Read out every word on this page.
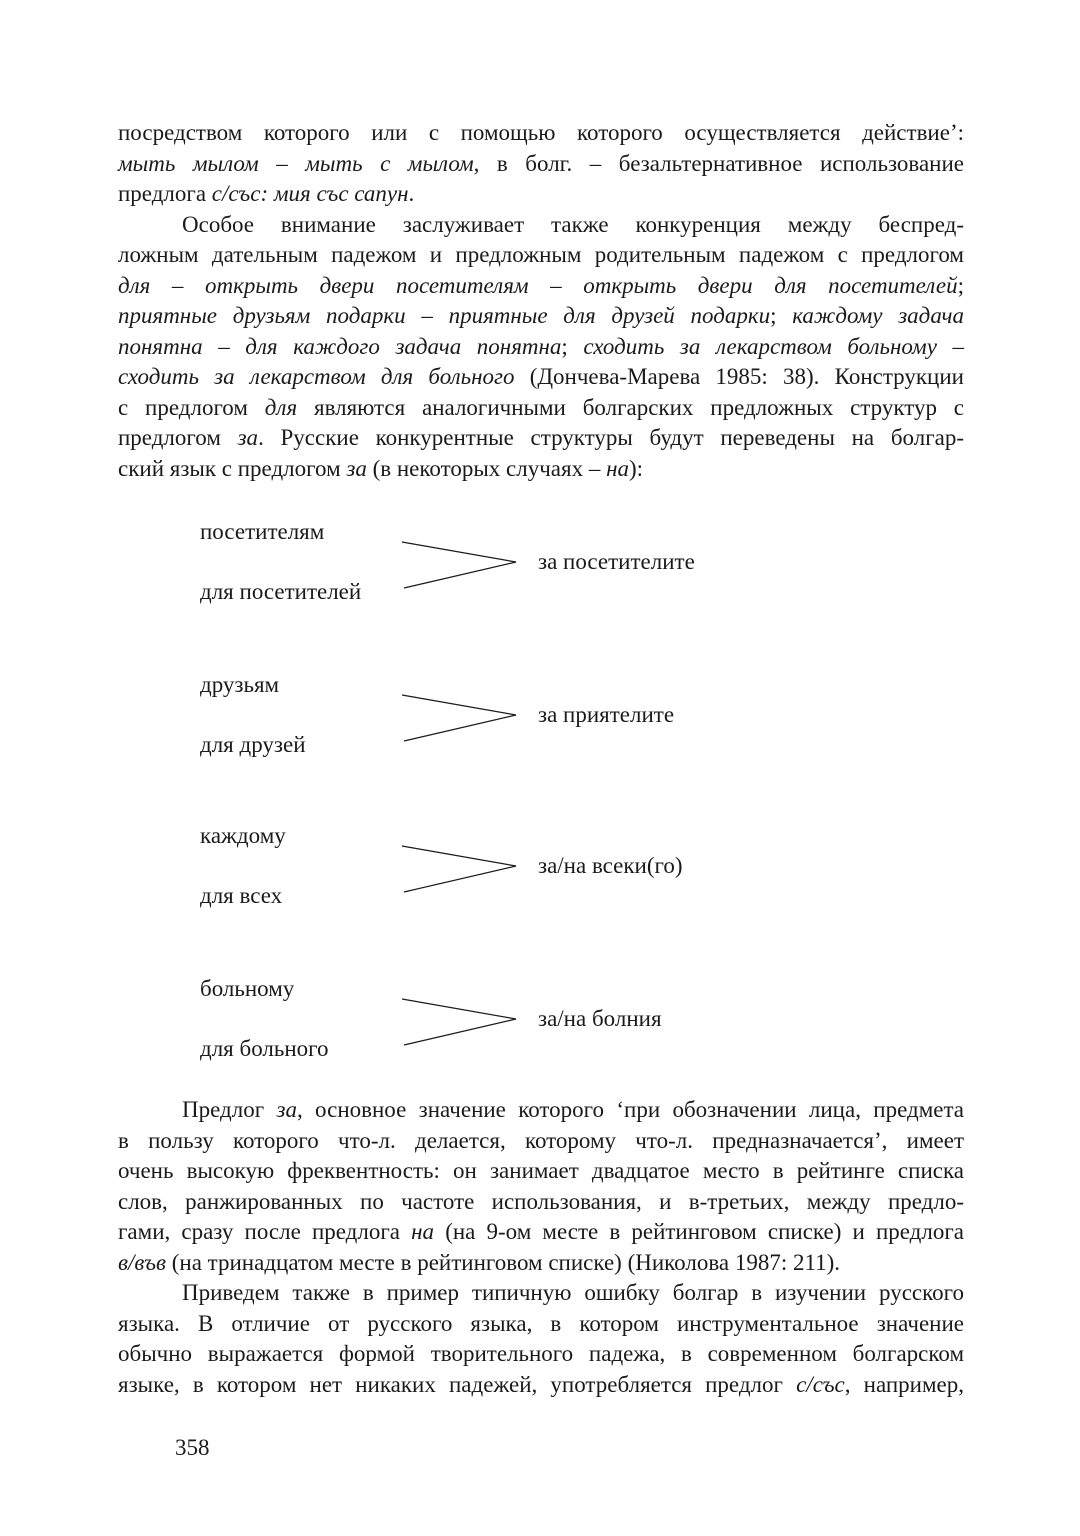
посредством которого или с помощью которого осуществляется действие’:
мыть мылом – мыть с мылом, в болг. – безальтернативное использование
предлога с/със: мия със сапун.
Особое внимание заслуживает также конкуренция между беспред-
ложным дательным падежом и предложным родительным падежом с предлогом
для – открыть двери посетителям – открыть двери для посетителей;
приятные друзьям подарки – приятные для друзей подарки; каждому задача
понятна – для каждого задача понятна; сходить за лекарством больному –
сходить за лекарством для больного (Дончева-Марева 1985: 38). Конструкции
с предлогом для являются аналогичными болгарских предложных структур с
предлогом за. Русские конкурентные структуры будут переведены на болгар-
ский язык с предлогом за (в некоторых случаях – на):
посетителям
для посетителей
за посетителите
друзьям
для друзей
за приятелите
каждому
для всех
за/на всеки(го)
больному
для больного
за/на болния
Предлог за, основное значение которого ‘при обозначении лица, предмета
в пользу которого что-л. делается, которому что-л. предназначается’, имеет
очень высокую фреквентность: он занимает двадцатое место в рейтинге списка
слов, ранжированных по частоте использования, и в-третьих, между предло-
гами, сразу после предлога на (на 9-ом месте в рейтинговом списке) и предлога
в/във (на тринадцатом месте в рейтинговом списке) (Николова 1987: 211).
Приведем также в пример типичную ошибку болгар в изучении русского
языка. В отличие от русского языка, в котором инструментальное значение
обычно выражается формой творительного падежа, в современном болгарском
языке, в котором нет никаких падежей, употребляется предлог с/със, например,
358
